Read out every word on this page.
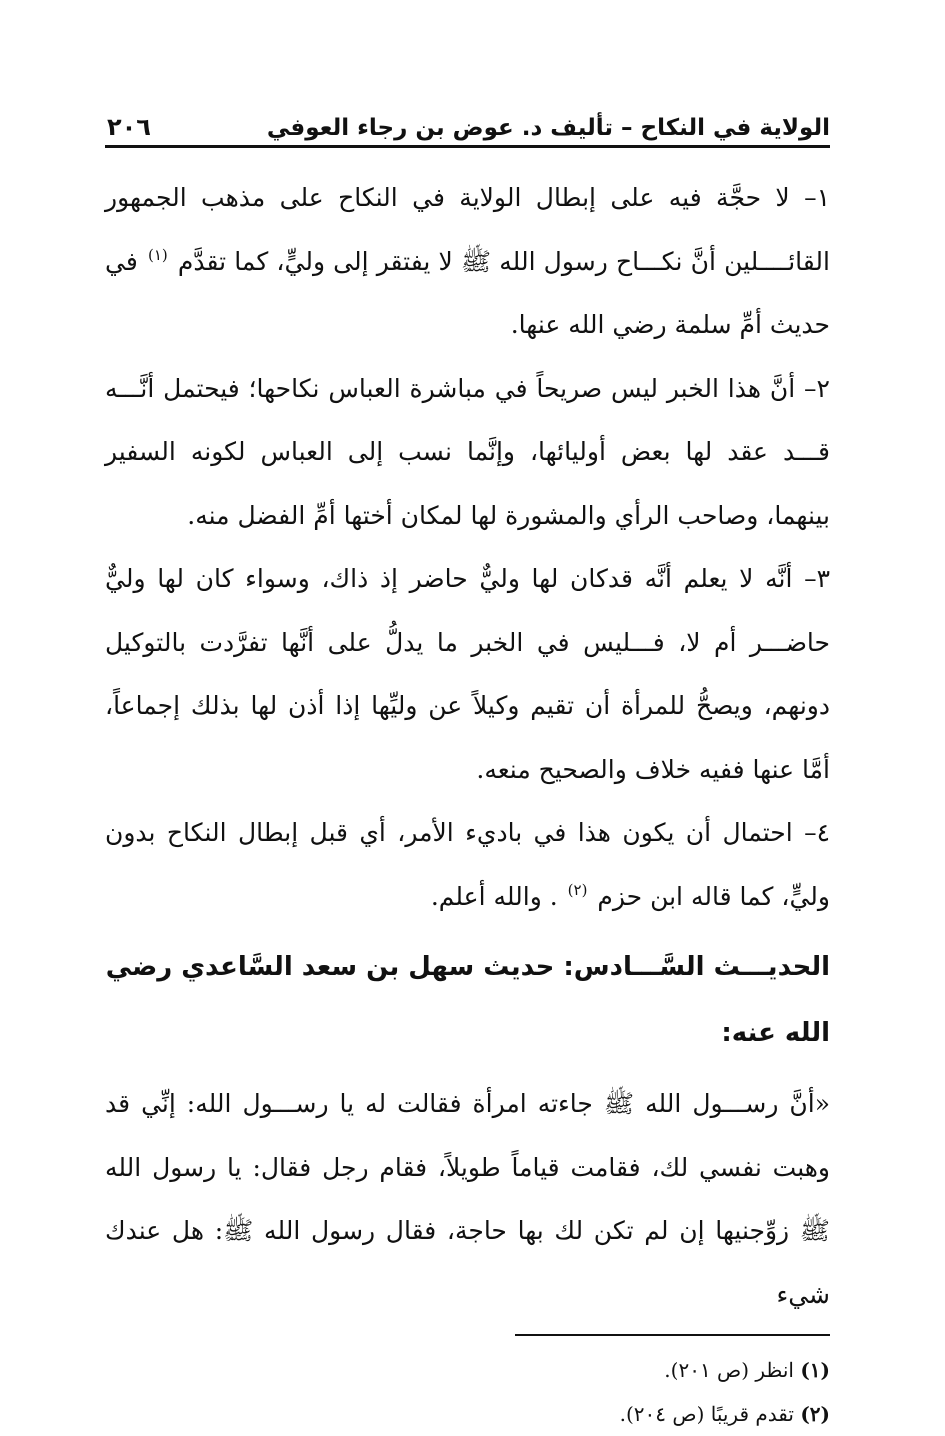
الولاية في النكاح – تأليف د. عوض بن رجاء العوفي
٢٠٦

١– لا حجَّة فيه على إبطال الولاية في النكاح على مذهب الجمهور القائــــلين أنَّ نكـــاح رسول الله ﷺ لا يفتقر إلى وليٍّ، كما تقدَّم $^{(١)}$ في حديث أمِّ سلمة رضي الله عنها.

٢– أنَّ هذا الخبر ليس صريحاً في مباشرة العباس نكاحها؛ فيحتمل أنَّـــه قـــد عقد لها بعض أوليائها، وإنَّما نسب إلى العباس لكونه السفير بينهما، وصاحب الرأي والمشورة لها لمكان أختها أمِّ الفضل منه.

٣– أنَّه لا يعلم أنَّه قدكان لها وليٌّ حاضر إذ ذاك، وسواء كان لها وليٌّ حاضـــر أم لا، فـــليس في الخبر ما يدلُّ على أنَّها تفرَّدت بالتوكيل دونهم، ويصحُّ للمرأة أن تقيم وكيلاً عن وليِّها إذا أذن لها بذلك إجماعاً، أمَّا عنها ففيه خلاف والصحيح منعه.

٤– احتمال أن يكون هذا في باديء الأمر، أي قبل إبطال النكاح بدون وليٍّ، كما قاله ابن حزم $^{(٢)}$ . والله أعلم.

الحديـــث السَّـــادس: حديث سهل بن سعد السَّاعدي رضي الله عنه:

«أنَّ رســـول الله ﷺ جاءته امرأة فقالت له يا رســـول الله: إنِّي قد وهبت نفسي لك، فقامت قياماً طويلاً، فقام رجل فقال: يا رسول الله ﷺ زوِّجنيها إن لم تكن لك بها حاجة، فقال رسول الله ﷺ: هل عندك شيء

(١) انظر (ص ٢٠١).

(٢) تقدم قريبًا (ص ٢٠٤).
